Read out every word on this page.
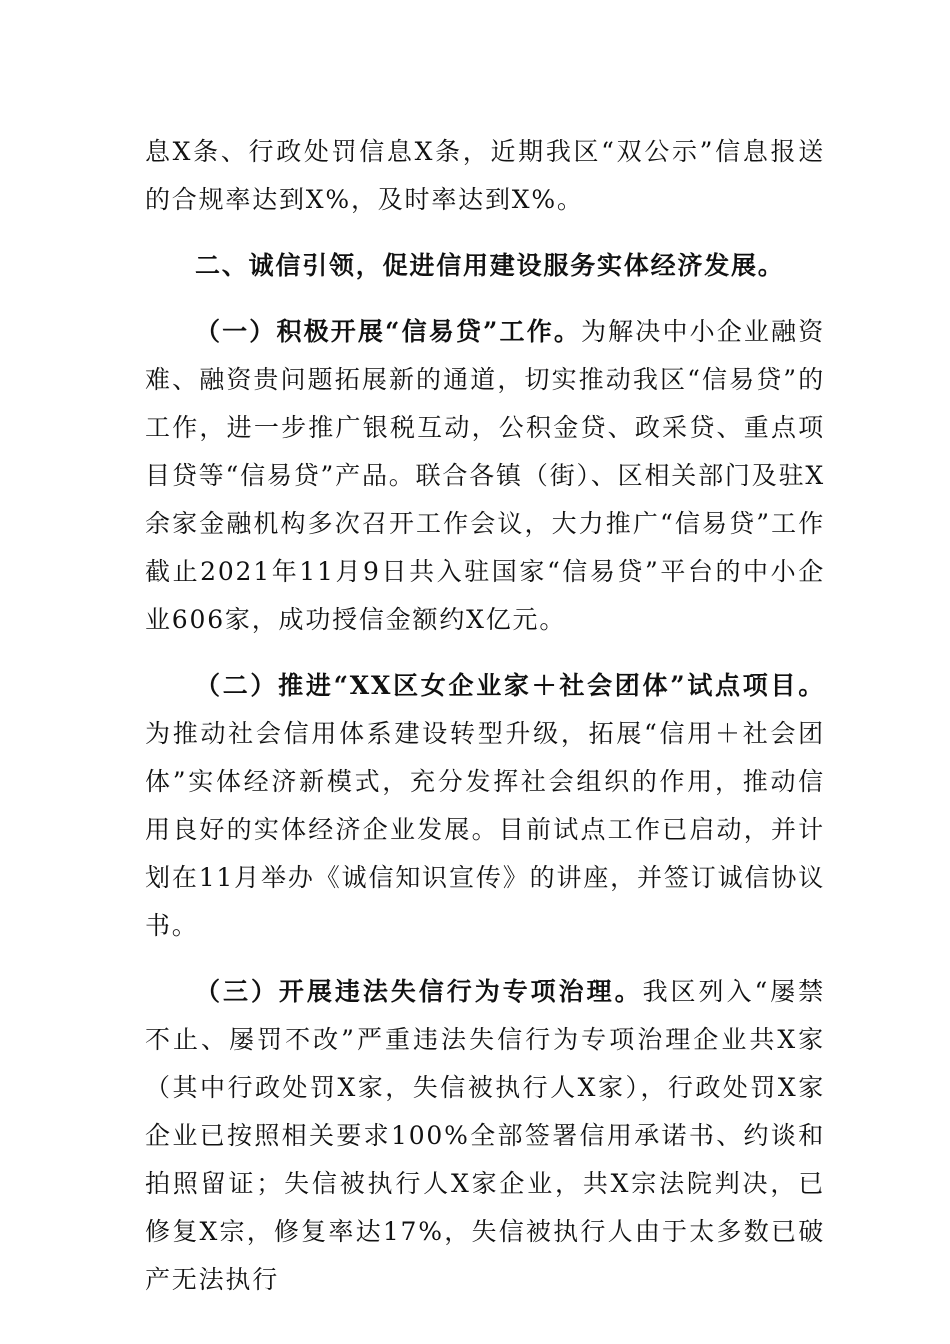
息X条、行政处罚信息X条，近期我区“双公示”信息报送的合规率达到X%，及时率达到X%。

二、诚信引领，促进信用建设服务实体经济发展。

（一）积极开展“信易贷”工作。为解决中小企业融资难、融资贵问题拓展新的通道，切实推动我区“信易贷”的工作，进一步推广银税互动，公积金贷、政采贷、重点项目贷等“信易贷”产品。联合各镇（街）、区相关部门及驻X余家金融机构多次召开工作会议，大力推广“信易贷”工作截止2021年11月9日共入驻国家“信易贷”平台的中小企业606家，成功授信金额约X亿元。

（二）推进“XX区女企业家＋社会团体”试点项目。为推动社会信用体系建设转型升级，拓展“信用＋社会团体”实体经济新模式，充分发挥社会组织的作用，推动信用良好的实体经济企业发展。目前试点工作已启动，并计划在11月举办《诚信知识宣传》的讲座，并签订诚信协议书。

（三）开展违法失信行为专项治理。我区列入“屡禁不止、屡罚不改”严重违法失信行为专项治理企业共X家（其中行政处罚X家，失信被执行人X家），行政处罚X家企业已按照相关要求100%全部签署信用承诺书、约谈和拍照留证；失信被执行人X家企业，共X宗法院判决，已修复X宗，修复率达17%，失信被执行人由于太多数已破产无法执行
